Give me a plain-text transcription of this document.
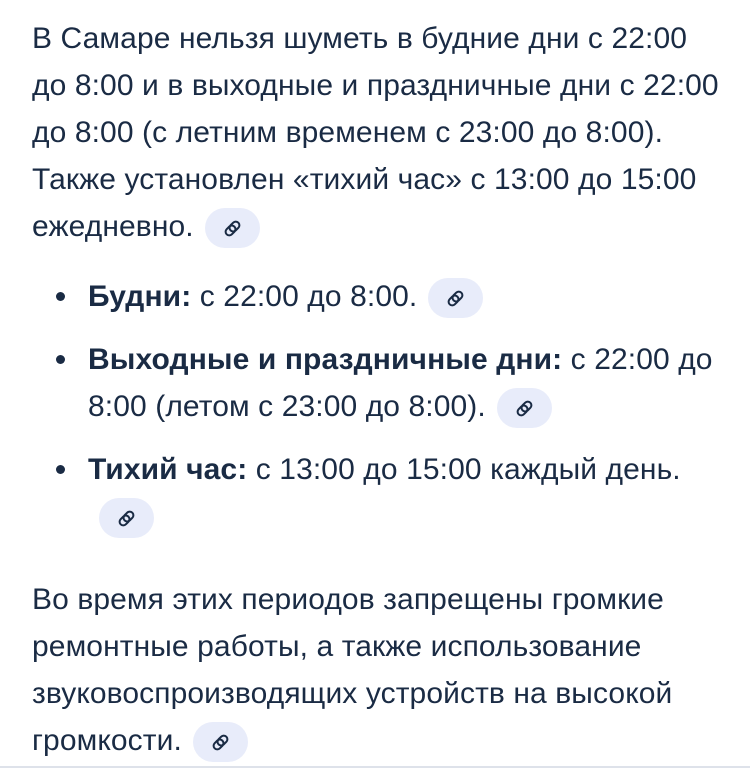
В Самаре нельзя шуметь в будние дни с 22:00 до 8:00 и в выходные и праздничные дни с 22:00 до 8:00 (с летним временем с 23:00 до 8:00). Также установлен «тихий час» с 13:00 до 15:00 ежедневно.

Будни: с 22:00 до 8:00.
Выходные и праздничные дни: с 22:00 до 8:00 (летом с 23:00 до 8:00).
Тихий час: с 13:00 до 15:00 каждый день.

Во время этих периодов запрещены громкие ремонтные работы, а также использование звуковоспроизводящих устройств на высокой громкости.
